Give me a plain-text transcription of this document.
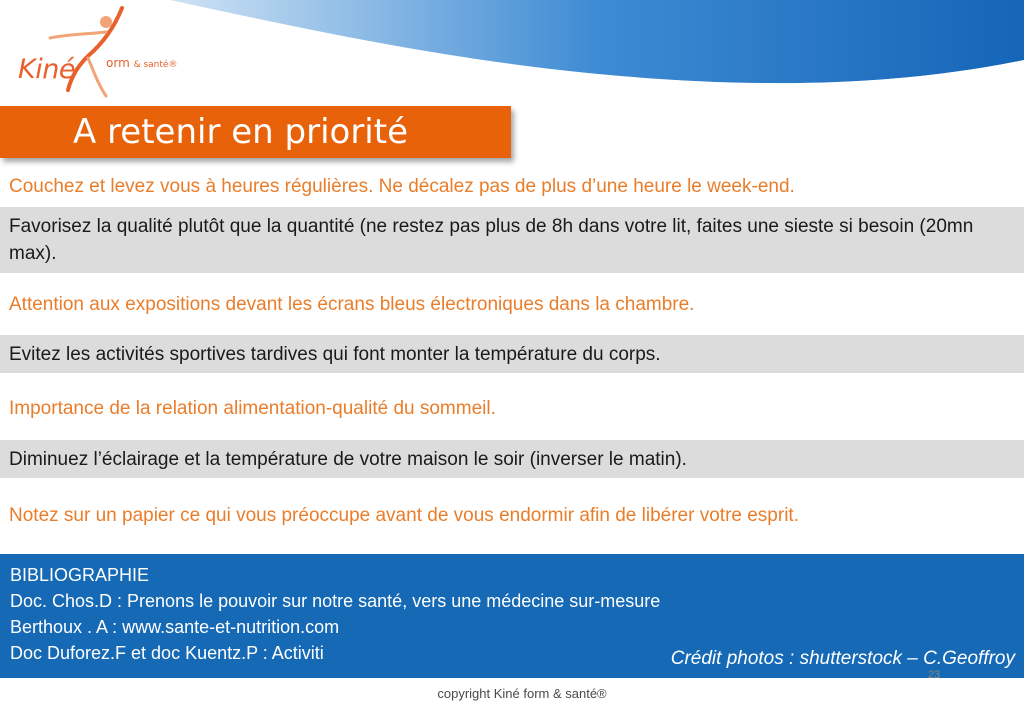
Kiné	orm & santé®
A retenir en priorité
Couchez et levez vous à heures régulières. Ne décalez pas de plus d’une heure le week-end.
Favorisez la qualité plutôt que la quantité (ne restez pas plus de 8h dans votre lit, faites une sieste si besoin (20mn max).
Attention aux expositions devant les écrans bleus électroniques dans la chambre.
Evitez les activités sportives tardives qui font monter la température du corps.
Importance de la relation alimentation-qualité du sommeil.
Diminuez l’éclairage et la température de votre maison le soir (inverser le matin).
Notez sur un papier ce qui vous préoccupe avant de vous endormir afin de libérer votre esprit.
BIBLIOGRAPHIE
Doc. Chos.D : Prenons le pouvoir sur notre santé, vers une médecine sur-mesure
Berthoux . A : www.sante-et-nutrition.com
Doc Duforez.F et doc Kuentz.P : Activiti	Crédit photos : shutterstock – C.Geoffroy
23
copyright Kiné form & santé®
